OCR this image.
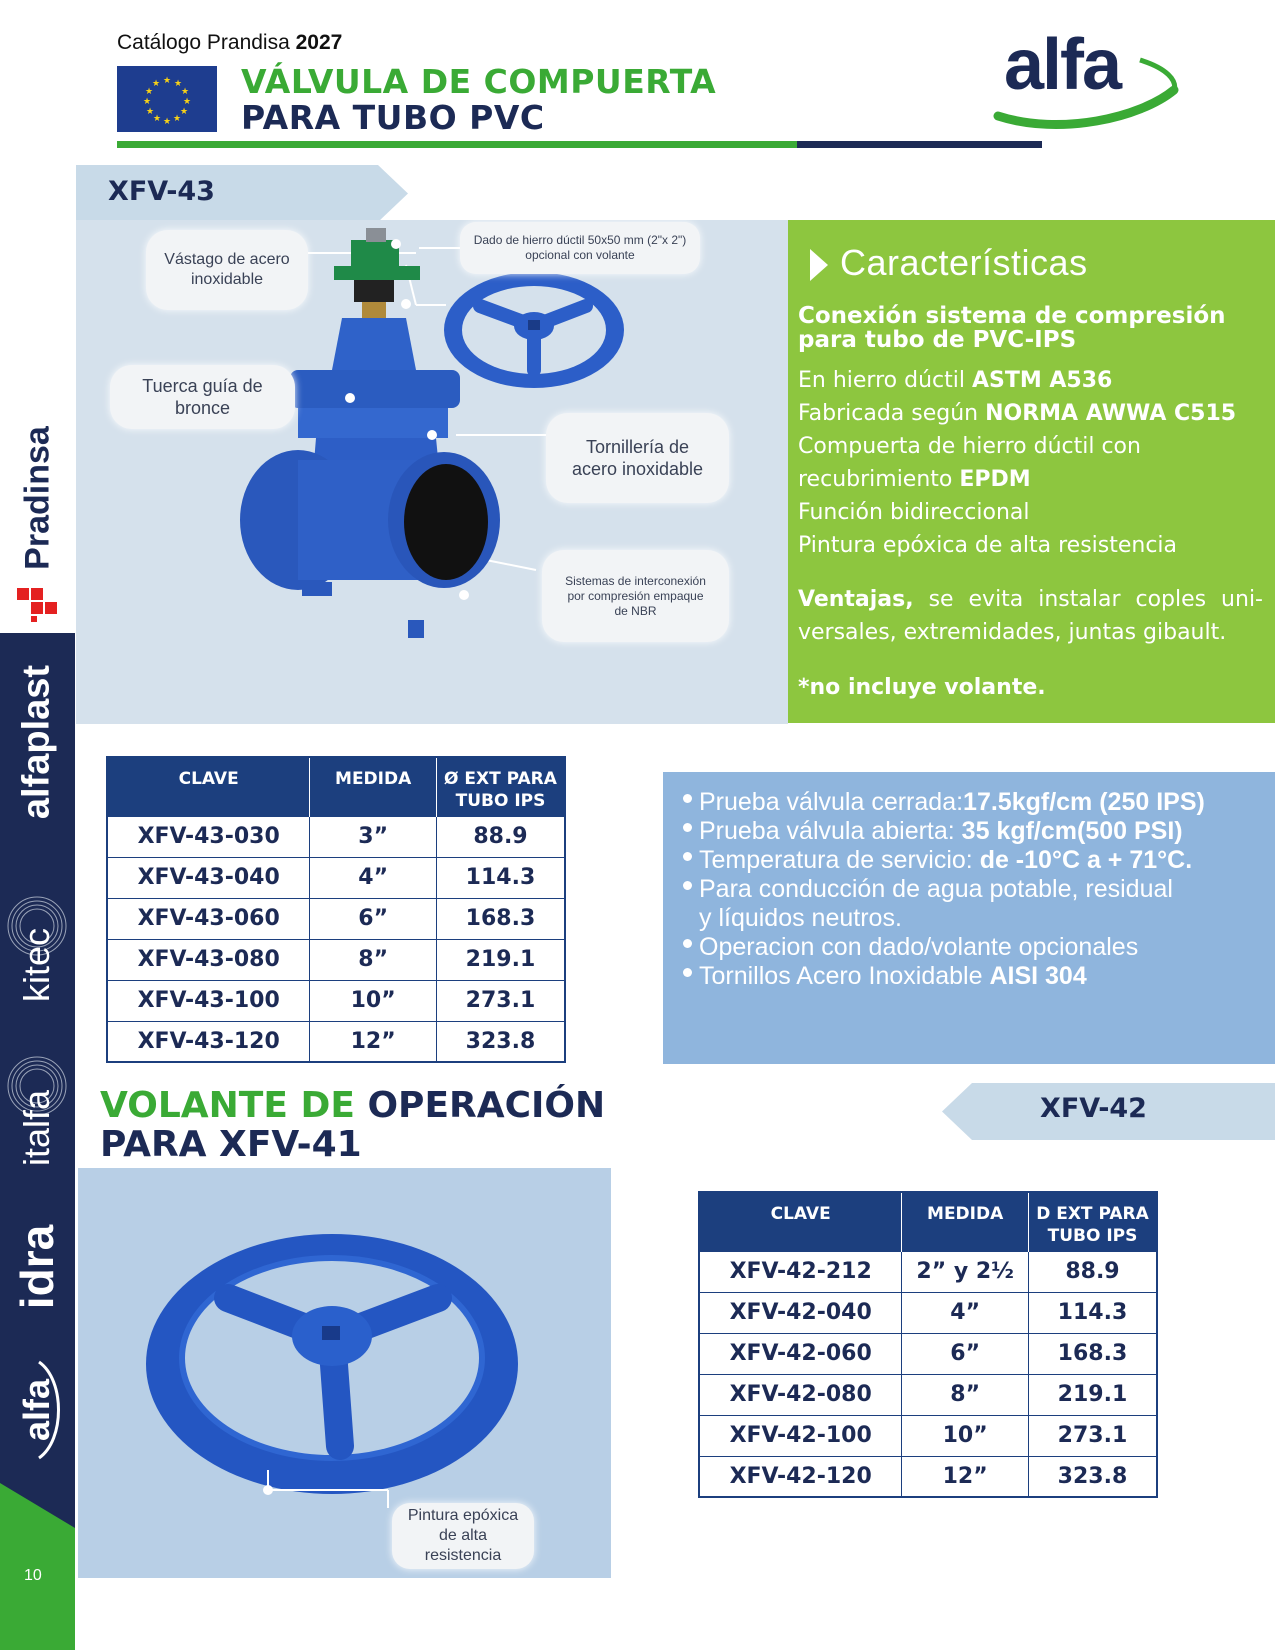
Pradinsa
alfaplast
kitec
italfa
idra
alfa
10
Catálogo Prandisa 2027
★ ★
★
★
★
★
★
★
★
★
★
★ VÁLVULA DE COMPUERTA
PARA TUBO PVC
alfa
XFV-43
Vástago de acero inoxidable
Dado de hierro dúctil 50x50 mm (2"x 2") opcional con volante
Tuerca guía de bronce
Tornillería de acero inoxidable
Sistemas de interconexión por compresión empaque de NBR
Características
Conexión sistema de compresión para tubo de PVC-IPS
En hierro dúctil ASTM A536
Fabricada según NORMA AWWA C515
Compuerta de hierro dúctil con
recubrimiento EPDM
Función bidireccional
Pintura epóxica de alta resistencia
Ventajas, se evita instalar coples uni-versales, extremidades, juntas gibault.
*no incluye volante.
CLAVE	MEDIDA	Ø EXT PARA TUBO IPS
XFV-43-030	3”	88.9
XFV-43-040	4”	114.3
XFV-43-060	6”	168.3
XFV-43-080	8”	219.1
XFV-43-100	10”	273.1
XFV-43-120	12”	323.8
Prueba válvula cerrada:17.5kgf/cm (250 IPS)
Prueba válvula abierta: 35 kgf/cm(500 PSI)
Temperatura de servicio: de -10°C a + 71°C.
Para conducción de agua potable, residual
y líquidos neutros.
Operacion con dado/volante opcionales
Tornillos Acero Inoxidable AISI 304
XFV-42
VOLANTE DE OPERACIÓN
PARA XFV-41
Pintura epóxica de alta resistencia
CLAVE	MEDIDA	D EXT PARA TUBO IPS
XFV-42-212	2” y 2½	88.9
XFV-42-040	4”	114.3
XFV-42-060	6”	168.3
XFV-42-080	8”	219.1
XFV-42-100	10”	273.1
XFV-42-120	12”	323.8
